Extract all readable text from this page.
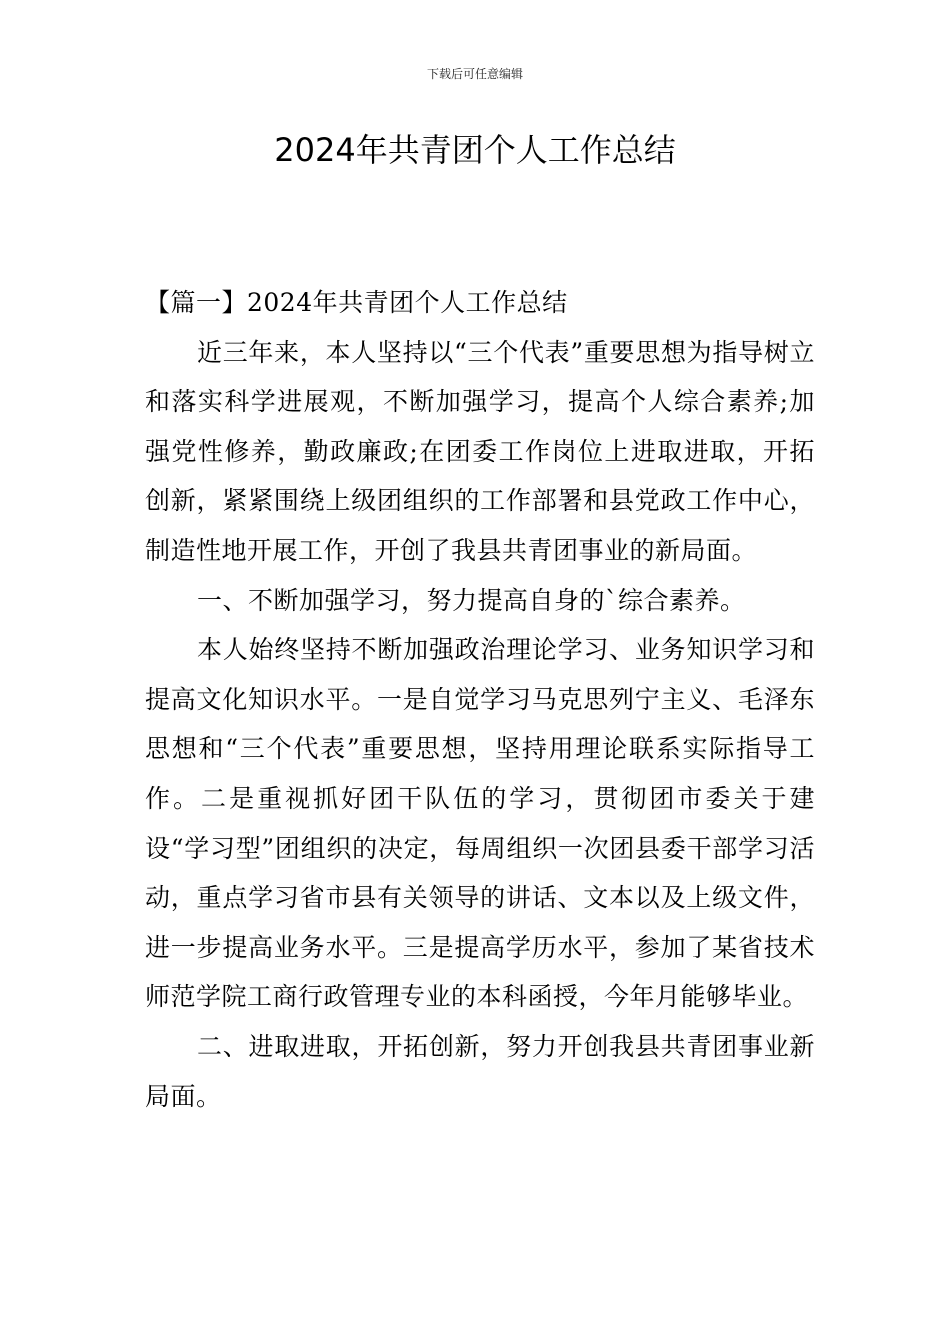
下载后可任意编辑
2024年共青团个人工作总结

【篇一】2024年共青团个人工作总结

近三年来，本人坚持以“三个代表”重要思想为指导树立和落实科学进展观，不断加强学习，提高个人综合素养;加强党性修养，勤政廉政;在团委工作岗位上进取进取，开拓创新，紧紧围绕上级团组织的工作部署和县党政工作中心，制造性地开展工作，开创了我县共青团事业的新局面。

一、不断加强学习，努力提高自身的`综合素养。

本人始终坚持不断加强政治理论学习、业务知识学习和提高文化知识水平。一是自觉学习马克思列宁主义、毛泽东思想和“三个代表”重要思想，坚持用理论联系实际指导工作。二是重视抓好团干队伍的学习，贯彻团市委关于建设“学习型”团组织的决定，每周组织一次团县委干部学习活动，重点学习省市县有关领导的讲话、文本以及上级文件，进一步提高业务水平。三是提高学历水平，参加了某省技术师范学院工商行政管理专业的本科函授，今年月能够毕业。

二、进取进取，开拓创新，努力开创我县共青团事业新局面。
